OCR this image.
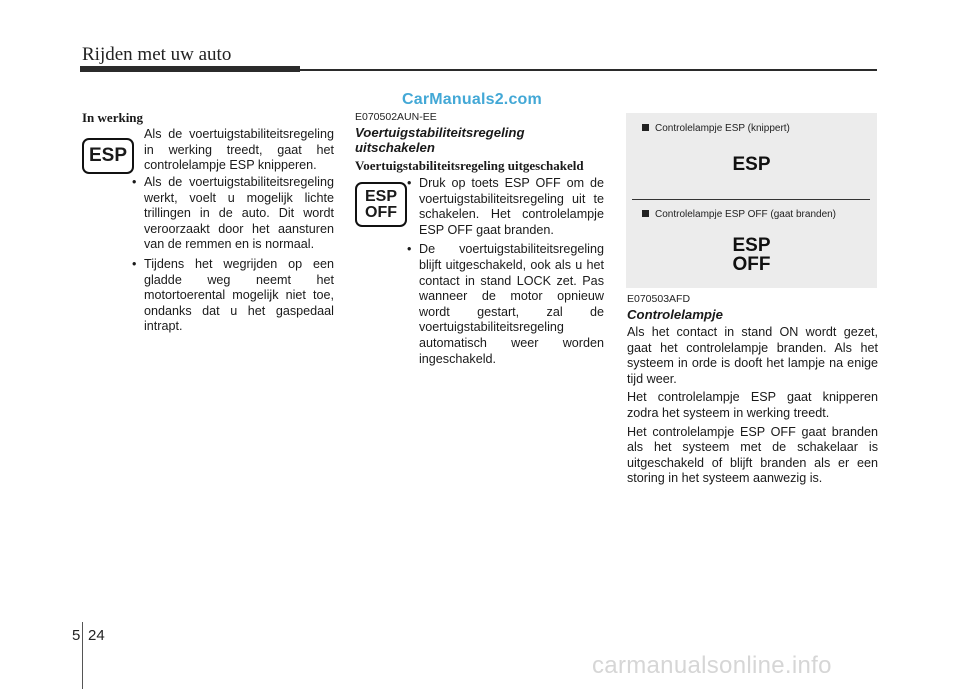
Rijden met uw auto
CarManuals2.com
In werking
ESP
Als de voertuigstabiliteitsregeling in werking treedt, gaat het controlelampje ESP knipperen.
• Als de voertuigstabiliteitsregeling werkt, voelt u mogelijk lichte trillingen in de auto. Dit wordt veroorzaakt door het aansturen van de remmen en is normaal.
• Tijdens het wegrijden op een gladde weg neemt het motortoerental mogelijk niet toe, ondanks dat u het gaspedaal intrapt.
E070502AUN-EE
Voertuigstabiliteitsregeling
uitschakelen
Voertuigstabiliteitsregeling uitgeschakeld
ESP
OFF
• Druk op toets ESP OFF om de voertuigstabiliteitsregeling uit te schakelen. Het controlelampje ESP OFF gaat branden.
• De voertuigstabiliteitsregeling blijft uitgeschakeld, ook als u het contact in stand LOCK zet. Pas wanneer de motor opnieuw wordt gestart, zal de voertuigstabiliteitsregeling automatisch weer worden ingeschakeld.
Controlelampje ESP (knippert)
ESP
Controlelampje ESP OFF (gaat branden)
ESP
OFF
E070503AFD
Controlelampje

Als het contact in stand ON wordt gezet, gaat het controlelampje branden. Als het systeem in orde is dooft het lampje na enige tijd weer.

Het controlelampje ESP gaat knipperen zodra het systeem in werking treedt.

Het controlelampje ESP OFF gaat branden als het systeem met de schakelaar is uitgeschakeld of blijft branden als er een storing in het systeem aanwezig is.

5 24
carmanualsonline.info
